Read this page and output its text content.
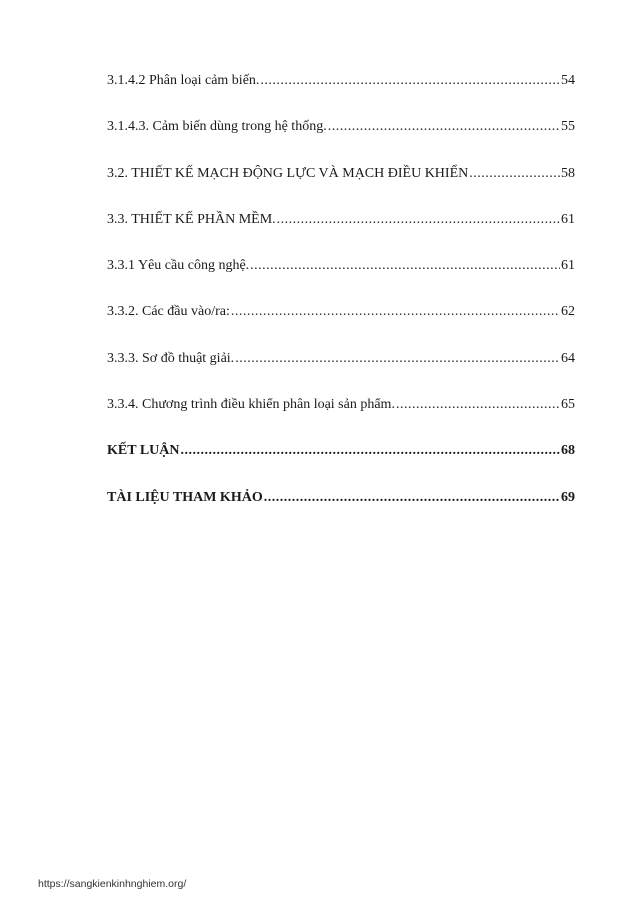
3.1.4.2 Phân loại cảm biến. .....	54
3.1.4.3. Cảm biến dùng trong hệ thống. .....	55
3.2. THIẾT KẾ MẠCH ĐỘNG LỰC VÀ MẠCH ĐIỀU KHIỂN .....	58
3.3. THIẾT KẾ PHẦN MỀM. .....	61
3.3.1 Yêu cầu công nghệ. .....	61
3.3.2. Các đầu vào/ra: .....	62
3.3.3. Sơ đồ thuật giải. .....	64
3.3.4. Chương trình điều khiển phân loại sản phẩm. .....	65
KẾT LUẬN .....	68
TÀI LIỆU THAM KHẢO .....	69
https://sangkienkinhnghiem.org/
